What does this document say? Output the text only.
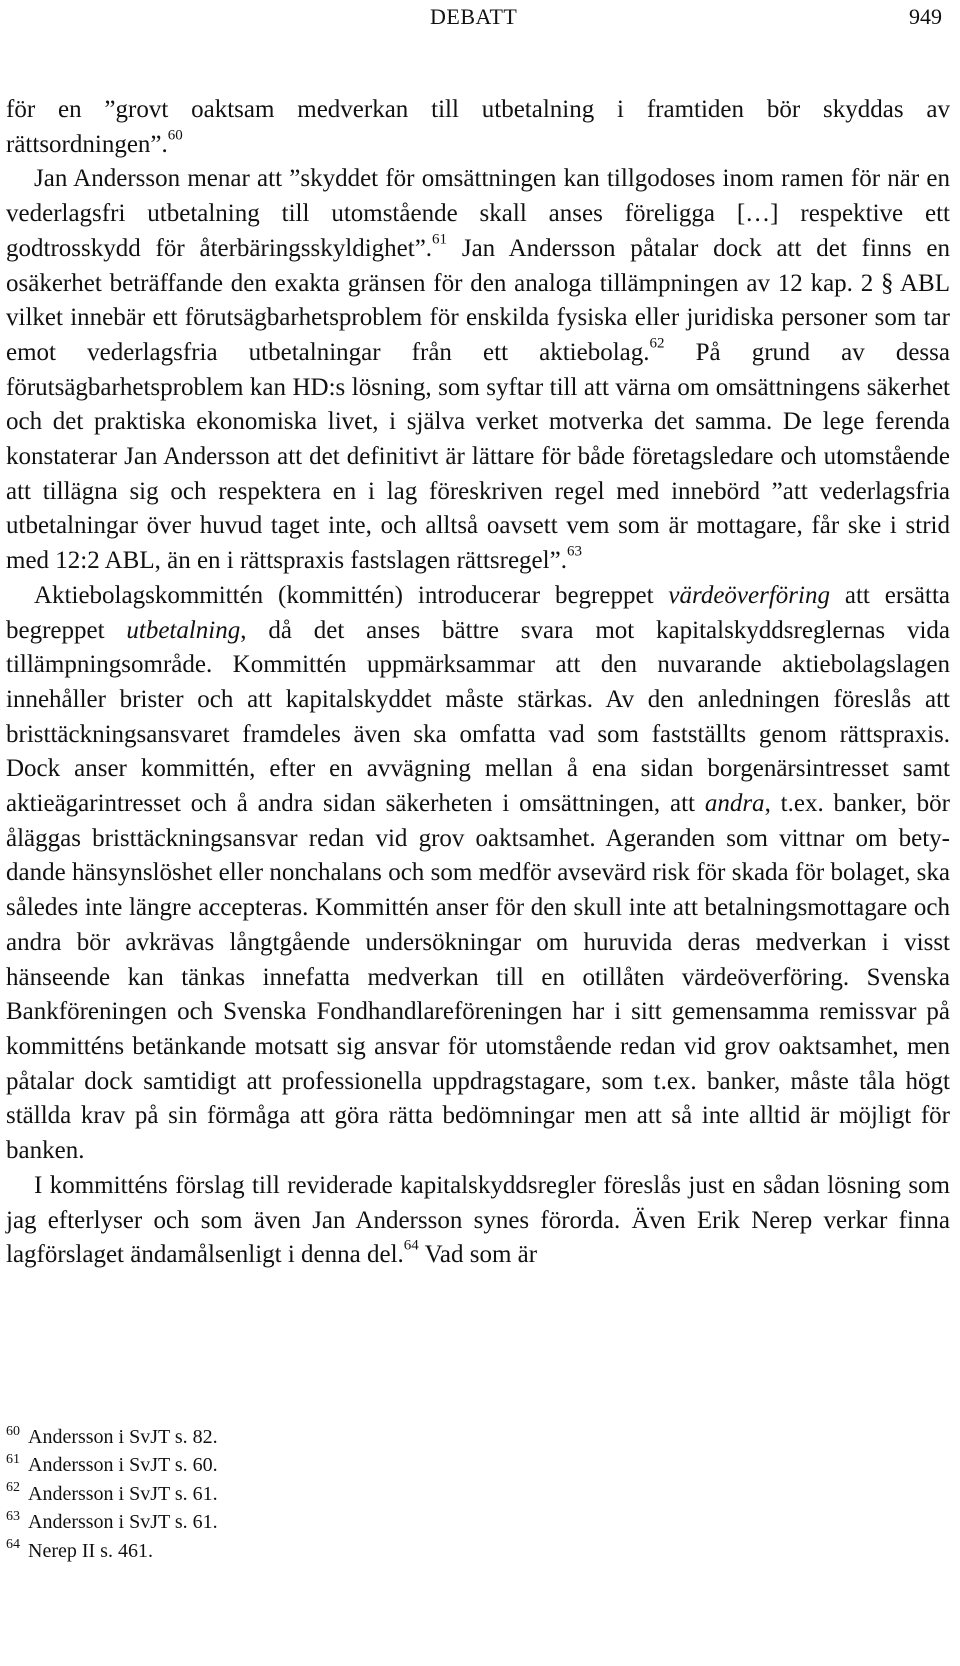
DEBATT	949

för en ”grovt oaktsam medverkan till utbetalning i framtiden bör skyddas av rättsordningen”.$^{60}$

Jan Andersson menar att ”skyddet för omsättningen kan tillgodoses inom ramen för när en vederlagsfri utbetalning till utomstående skall anses föreligga […] respektive ett godtrosskydd för återbäringsskyldighet”.$^{61}$ Jan Andersson påtalar dock att det finns en osäkerhet beträffande den exakta gränsen för den analoga tillämpningen av 12 kap. 2 § ABL vilket innebär ett förutsägbarhetsproblem för enskilda fysiska eller juridiska personer som tar emot vederlagsfria utbetalningar från ett aktiebolag.$^{62}$ På grund av dessa förutsägbarhetsproblem kan HD:s lösning, som syftar till att värna om omsättningens säkerhet och det praktiska ekonomiska livet, i själva verket motverka det samma. De lege ferenda konstaterar Jan Andersson att det definitivt är lättare för både företagsledare och utomstående att tillägna sig och respektera en i lag föreskriven regel med innebörd ”att vederlagsfria utbetalningar över huvud taget inte, och alltså oavsett vem som är mottagare, får ske i strid med 12:2 ABL, än en i rättspraxis fastslagen rättsregel”.$^{63}$

Aktiebolagskommittén (kommittén) introducerar begreppet värdeöverföring att ersätta begreppet utbetalning, då det anses bättre svara mot kapitalskyddsreglernas vida tillämpningsområde. Kommittén uppmärksammar att den nuvarande aktiebolagslagen innehåller brister och att kapitalskyddet måste stärkas. Av den anledningen föreslås att bristtäckningsansvaret framdeles även ska omfatta vad som fastställts genom rättspraxis. Dock anser kommittén, efter en avvägning mellan å ena sidan borgenärsintresset samt aktieägarintresset och å andra sidan säkerheten i omsättningen, att andra, t.ex. banker, bör åläggas bristtäckningsansvar redan vid grov oaktsamhet. Ageranden som vittnar om betydande hänsynslöshet eller nonchalans och som medför avsevärd risk för skada för bolaget, ska således inte längre accepteras. Kommittén anser för den skull inte att betalningsmottagare och andra bör avkrävas långtgående undersökningar om huruvida deras medverkan i visst hänseende kan tänkas innefatta medverkan till en otillåten värdeöverföring. Svenska Bankföreningen och Svenska Fondhandlareföreningen har i sitt gemensamma remissvar på kommitténs betänkande motsatt sig ansvar för utomstående redan vid grov oaktsamhet, men påtalar dock samtidigt att professionella uppdragstagare, som t.ex. banker, måste tåla högt ställda krav på sin förmåga att göra rätta bedömningar men att så inte alltid är möjligt för banken.

I kommitténs förslag till reviderade kapitalskyddsregler föreslås just en sådan lösning som jag efterlyser och som även Jan Andersson synes förorda. Även Erik Nerep verkar finna lagförslaget ändamålsenligt i denna del.$^{64}$ Vad som är

$^{60}$ Andersson i SvJT s. 82.
$^{61}$ Andersson i SvJT s. 60.
$^{62}$ Andersson i SvJT s. 61.
$^{63}$ Andersson i SvJT s. 61.
$^{64}$ Nerep II s. 461.
